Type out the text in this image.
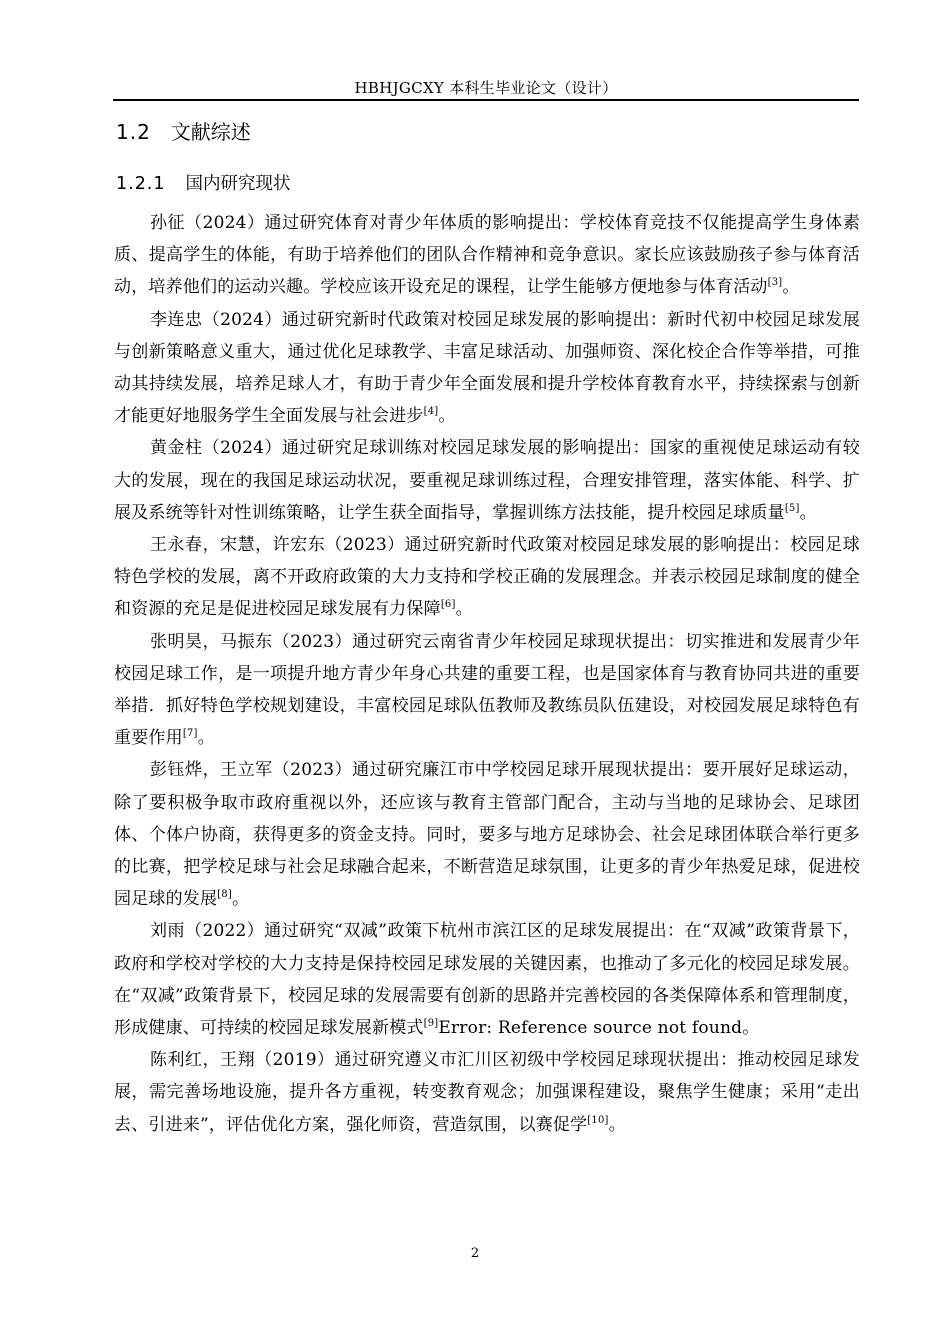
HBHJGCXY 本科生毕业论文（设计）
1.2 文献综述
1.2.1 国内研究现状

孙征（2024）通过研究体育对青少年体质的影响提出：学校体育竞技不仅能提高学生身体素质、提高学生的体能，有助于培养他们的团队合作精神和竞争意识。家长应该鼓励孩子参与体育活动，培养他们的运动兴趣。学校应该开设充足的课程，让学生能够方便地参与体育活动[3]。

李连忠（2024）通过研究新时代政策对校园足球发展的影响提出：新时代初中校园足球发展与创新策略意义重大，通过优化足球教学、丰富足球活动、加强师资、深化校企合作等举措，可推动其持续发展，培养足球人才，有助于青少年全面发展和提升学校体育教育水平，持续探索与创新才能更好地服务学生全面发展与社会进步[4]。

黄金柱（2024）通过研究足球训练对校园足球发展的影响提出：国家的重视使足球运动有较大的发展，现在的我国足球运动状况，要重视足球训练过程，合理安排管理，落实体能、科学、扩展及系统等针对性训练策略，让学生获全面指导，掌握训练方法技能，提升校园足球质量[5]。

王永春，宋慧，许宏东（2023）通过研究新时代政策对校园足球发展的影响提出：校园足球特色学校的发展，离不开政府政策的大力支持和学校正确的发展理念。并表示校园足球制度的健全和资源的充足是促进校园足球发展有力保障[6]。

张明昊，马振东（2023）通过研究云南省青少年校园足球现状提出：切实推进和发展青少年校园足球工作，是一项提升地方青少年身心共建的重要工程，也是国家体育与教育协同共进的重要举措．抓好特色学校规划建设，丰富校园足球队伍教师及教练员队伍建设，对校园发展足球特色有重要作用[7]。

彭钰烨，王立军（2023）通过研究廉江市中学校园足球开展现状提出：要开展好足球运动，除了要积极争取市政府重视以外，还应该与教育主管部门配合，主动与当地的足球协会、足球团体、个体户协商，获得更多的资金支持。同时，要多与地方足球协会、社会足球团体联合举行更多的比赛，把学校足球与社会足球融合起来，不断营造足球氛围，让更多的青少年热爱足球，促进校园足球的发展[8]。

刘雨（2022）通过研究“双减”政策下杭州市滨江区的足球发展提出：在“双减”政策背景下，政府和学校对学校的大力支持是保持校园足球发展的关键因素，也推动了多元化的校园足球发展。在“双减”政策背景下，校园足球的发展需要有创新的思路并完善校园的各类保障体系和管理制度，形成健康、可持续的校园足球发展新模式[9]Error: Reference source not found。

陈利红，王翔（2019）通过研究遵义市汇川区初级中学校园足球现状提出：推动校园足球发展，需完善场地设施，提升各方重视，转变教育观念；加强课程建设，聚焦学生健康；采用“走出去、引进来”，评估优化方案，强化师资，营造氛围，以赛促学[10]。

2
